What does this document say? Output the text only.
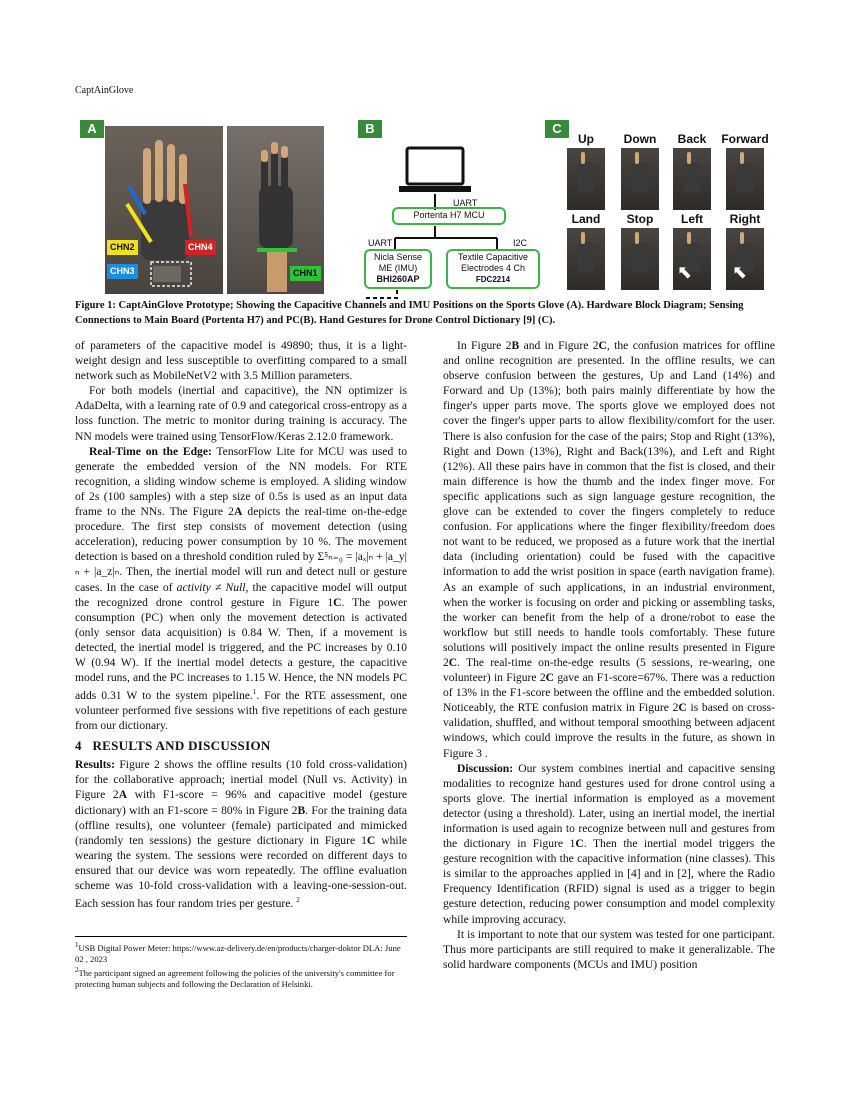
CaptAinGlove
A
CHN2	CHN4
CHN3	CHN1
B
UART
Portenta H7 MCU
UART	I2C
Nicla Sense
ME (IMU)
BHI260AP
Textile Capacitive
Electrodes 4 Ch
FDC2214
C
Up	Down	Back	Forward
Land	Stop	Left	Right
⬉ ⬉
Figure 1: CaptAinGlove Prototype; Showing the Capacitive Channels and IMU Positions on the Sports Glove (A). Hardware Block Diagram; Sensing Connections to Main Board (Portenta H7) and PC(B). Hand Gestures for Drone Control Dictionary [9] (C).

of parameters of the capacitive model is 49890; thus, it is a light-weight design and less susceptible to overfitting compared to a small network such as MobileNetV2 with 3.5 Million parameters.

For both models (inertial and capacitive), the NN optimizer is AdaDelta, with a learning rate of 0.9 and categorical cross-entropy as a loss function. The metric to monitor during training is accuracy. The NN models were trained using TensorFlow/Keras 2.12.0 framework.

Real-Time on the Edge: TensorFlow Lite for MCU was used to generate the embedded version of the NN models. For RTE recognition, a sliding window scheme is employed. A sliding window of 2s (100 samples) with a step size of 0.5s is used as an input data frame to the NNs. The Figure 2A depicts the real-time on-the-edge procedure. The first step consists of movement detection (using acceleration), reducing power consumption by 10 %. The movement detection is based on a threshold condition ruled by Σ⁵ₙ₌₀ = |aₓ|ₙ + |a_y|ₙ + |a_z|ₙ. Then, the inertial model will run and detect null or gesture cases. In the case of activity ≠ Null, the capacitive model will output the recognized drone control gesture in Figure 1C. The power consumption (PC) when only the movement detection is activated (only sensor data acquisition) is 0.84 W. Then, if a movement is detected, the inertial model is triggered, and the PC increases by 0.10 W (0.94 W). If the inertial model detects a gesture, the capacitive model runs, and the PC increases to 1.15 W. Hence, the NN models PC adds 0.31 W to the system pipeline.$^1$. For the RTE assessment, one volunteer performed five sessions with five repetitions of each gesture from our dictionary.

4 RESULTS AND DISCUSSION

Results: Figure 2 shows the offline results (10 fold cross-validation) for the collaborative approach; inertial model (Null vs. Activity) in Figure 2A with F1-score = 96% and capacitive model (gesture dictionary) with an F1-score = 80% in Figure 2B. For the training data (offline results), one volunteer (female) participated and mimicked (randomly ten sessions) the gesture dictionary in Figure 1C while wearing the system. The sessions were recorded on different days to ensured that our device was worn repeatedly. The offline evaluation scheme was 10-fold cross-validation with a leaving-one-session-out. Each session has four random tries per gesture. $^2$

$^1$USB Digital Power Meter: https://www.az-delivery.de/en/products/charger-doktor DLA: June 02 , 2023

$^2$The participant signed an agreement following the policies of the university's committee for protecting human subjects and following the Declaration of Helsinki.

In Figure 2B and in Figure 2C, the confusion matrices for offline and online recognition are presented. In the offline results, we can observe confusion between the gestures, Up and Land (14%) and Forward and Up (13%); both pairs mainly differentiate by how the finger's upper parts move. The sports glove we employed does not cover the finger's upper parts to allow flexibility/comfort for the user. There is also confusion for the case of the pairs; Stop and Right (13%), Right and Down (13%), Right and Back(13%), and Left and Right (12%). All these pairs have in common that the fist is closed, and their main difference is how the thumb and the index finger move. For specific applications such as sign language gesture recognition, the glove can be extended to cover the fingers completely to reduce confusion. For applications where the finger flexibility/freedom does not want to be reduced, we proposed as a future work that the inertial data (including orientation) could be fused with the capacitive information to add the wrist position in space (earth navigation frame). As an example of such applications, in an industrial environment, when the worker is focusing on order and picking or assembling tasks, the worker can benefit from the help of a drone/robot to ease the workflow but still needs to handle tools comfortably. These future solutions will positively impact the online results presented in Figure 2C. The real-time on-the-edge results (5 sessions, re-wearing, one volunteer) in Figure 2C gave an F1-score=67%. There was a reduction of 13% in the F1-score between the offline and the embedded solution. Noticeably, the RTE confusion matrix in Figure 2C is based on cross-validation, shuffled, and without temporal smoothing between adjacent windows, which could improve the results in the future, as shown in Figure 3 .

Discussion: Our system combines inertial and capacitive sensing modalities to recognize hand gestures used for drone control using a sports glove. The inertial information is employed as a movement detector (using a threshold). Later, using an inertial model, the inertial information is used again to recognize between null and gestures from the dictionary in Figure 1C. Then the inertial model triggers the gesture recognition with the capacitive information (nine classes). This is similar to the approaches applied in [4] and in [2], where the Radio Frequency Identification (RFID) signal is used as a trigger to begin gesture detection, reducing power consumption and model complexity while improving accuracy.

It is important to note that our system was tested for one participant. Thus more participants are still required to make it generalizable. The solid hardware components (MCUs and IMU) position
